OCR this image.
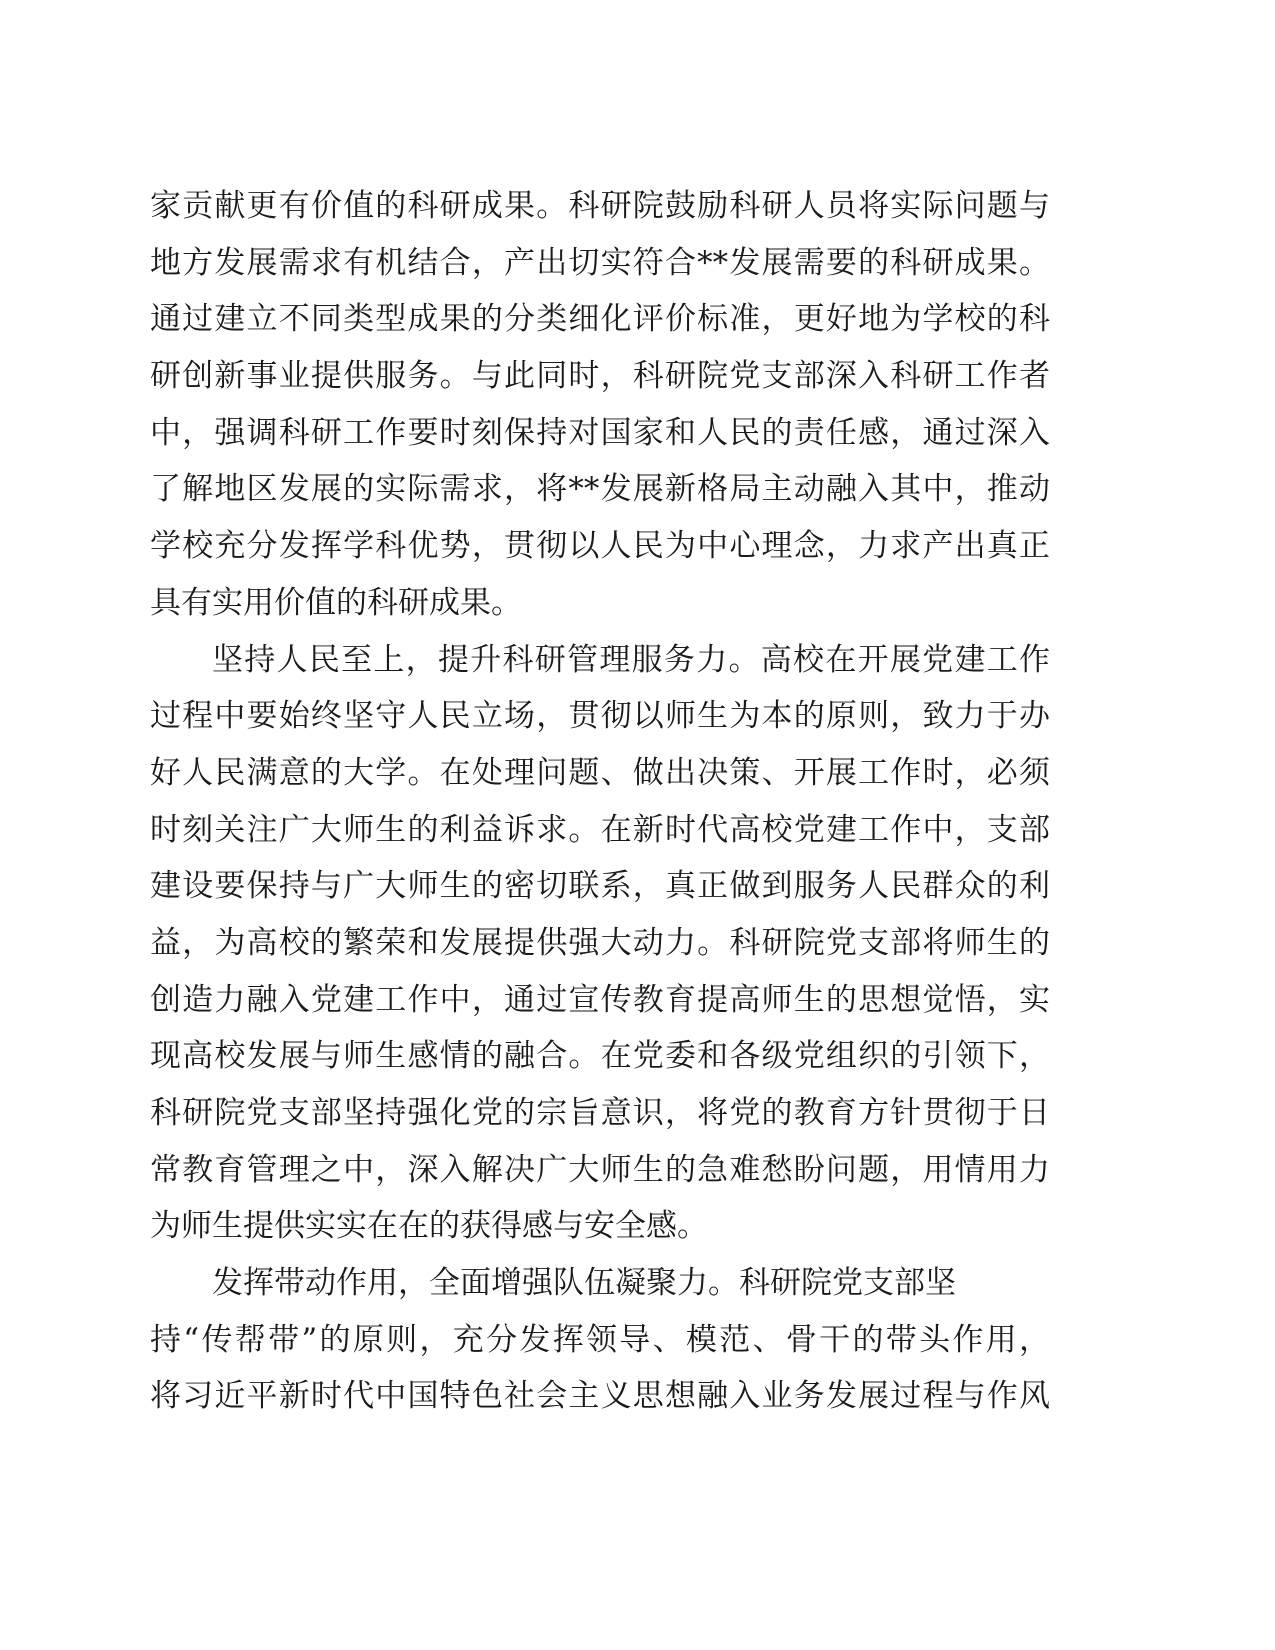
家贡献更有价值的科研成果。科研院鼓励科研人员将实际问题与
地方发展需求有机结合，产出切实符合**发展需要的科研成果。
通过建立不同类型成果的分类细化评价标准，更好地为学校的科
研创新事业提供服务。与此同时，科研院党支部深入科研工作者
中，强调科研工作要时刻保持对国家和人民的责任感，通过深入
了解地区发展的实际需求，将**发展新格局主动融入其中，推动
学校充分发挥学科优势，贯彻以人民为中心理念，力求产出真正
具有实用价值的科研成果。
坚持人民至上，提升科研管理服务力。高校在开展党建工作
过程中要始终坚守人民立场，贯彻以师生为本的原则，致力于办
好人民满意的大学。在处理问题、做出决策、开展工作时，必须
时刻关注广大师生的利益诉求。在新时代高校党建工作中，支部
建设要保持与广大师生的密切联系，真正做到服务人民群众的利
益，为高校的繁荣和发展提供强大动力。科研院党支部将师生的
创造力融入党建工作中，通过宣传教育提高师生的思想觉悟，实
现高校发展与师生感情的融合。在党委和各级党组织的引领下，
科研院党支部坚持强化党的宗旨意识，将党的教育方针贯彻于日
常教育管理之中，深入解决广大师生的急难愁盼问题，用情用力
为师生提供实实在在的获得感与安全感。
发挥带动作用，全面增强队伍凝聚力。科研院党支部坚
持“传帮带”的原则，充分发挥领导、模范、骨干的带头作用，
将习近平新时代中国特色社会主义思想融入业务发展过程与作风
